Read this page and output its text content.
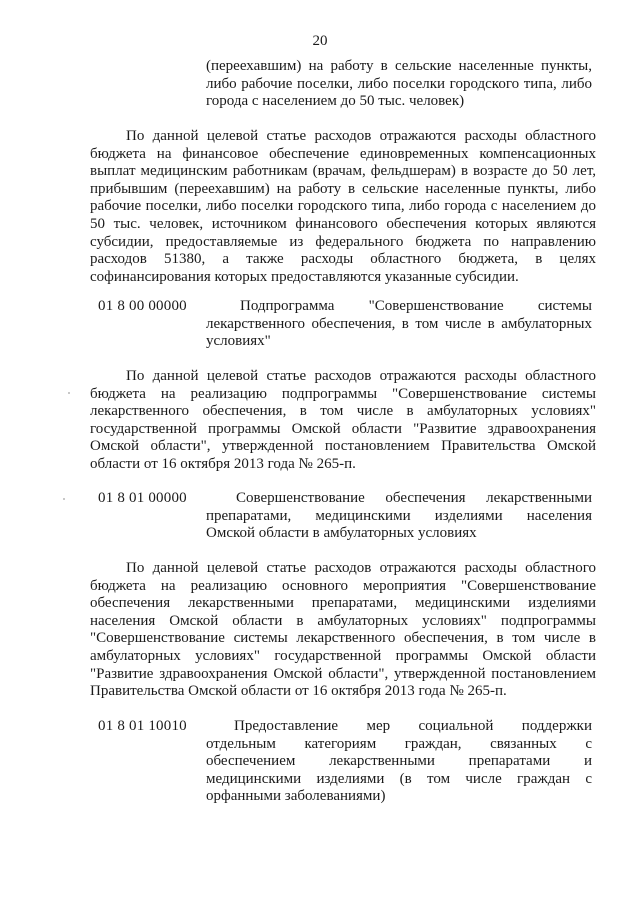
20
(переехавшим) на работу в сельские населенные пункты,
либо рабочие поселки, либо поселки городского типа, либо
города с населением до 50 тыс. человек)
По данной целевой статье расходов отражаются расходы областного
бюджета на финансовое обеспечение единовременных компенсационных
выплат медицинским работникам (врачам, фельдшерам) в возрасте до 50 лет,
прибывшим (переехавшим) на работу в сельские населенные пункты, либо
рабочие поселки, либо поселки городского типа, либо города с населением до
50 тыс. человек, источником финансового обеспечения которых являются
субсидии, предоставляемые из федерального бюджета по направлению
расходов 51380, а также расходы областного бюджета, в целях
софинансирования которых предоставляются указанные субсидии.
01 8 00 00000	Подпрограмма "Совершенствование системы
лекарственного обеспечения, в том числе в амбулаторных
условиях"
По данной целевой статье расходов отражаются расходы областного
бюджета на реализацию подпрограммы "Совершенствование системы
лекарственного обеспечения, в том числе в амбулаторных условиях"
государственной программы Омской области "Развитие здравоохранения
Омской области", утвержденной постановлением Правительства Омской
области от 16 октября 2013 года № 265-п.
01 8 01 00000	Совершенствование обеспечения лекарственными
препаратами, медицинскими изделиями населения
Омской области в амбулаторных условиях
По данной целевой статье расходов отражаются расходы областного
бюджета на реализацию основного мероприятия "Совершенствование
обеспечения лекарственными препаратами, медицинскими изделиями
населения Омской области в амбулаторных условиях" подпрограммы
"Совершенствование системы лекарственного обеспечения, в том числе в
амбулаторных условиях" государственной программы Омской области
"Развитие здравоохранения Омской области", утвержденной постановлением
Правительства Омской области от 16 октября 2013 года № 265-п.
01 8 01 10010	Предоставление мер социальной поддержки
отдельным категориям граждан, связанных с
обеспечением лекарственными препаратами и
медицинскими изделиями (в том числе граждан с
орфанными заболеваниями)
